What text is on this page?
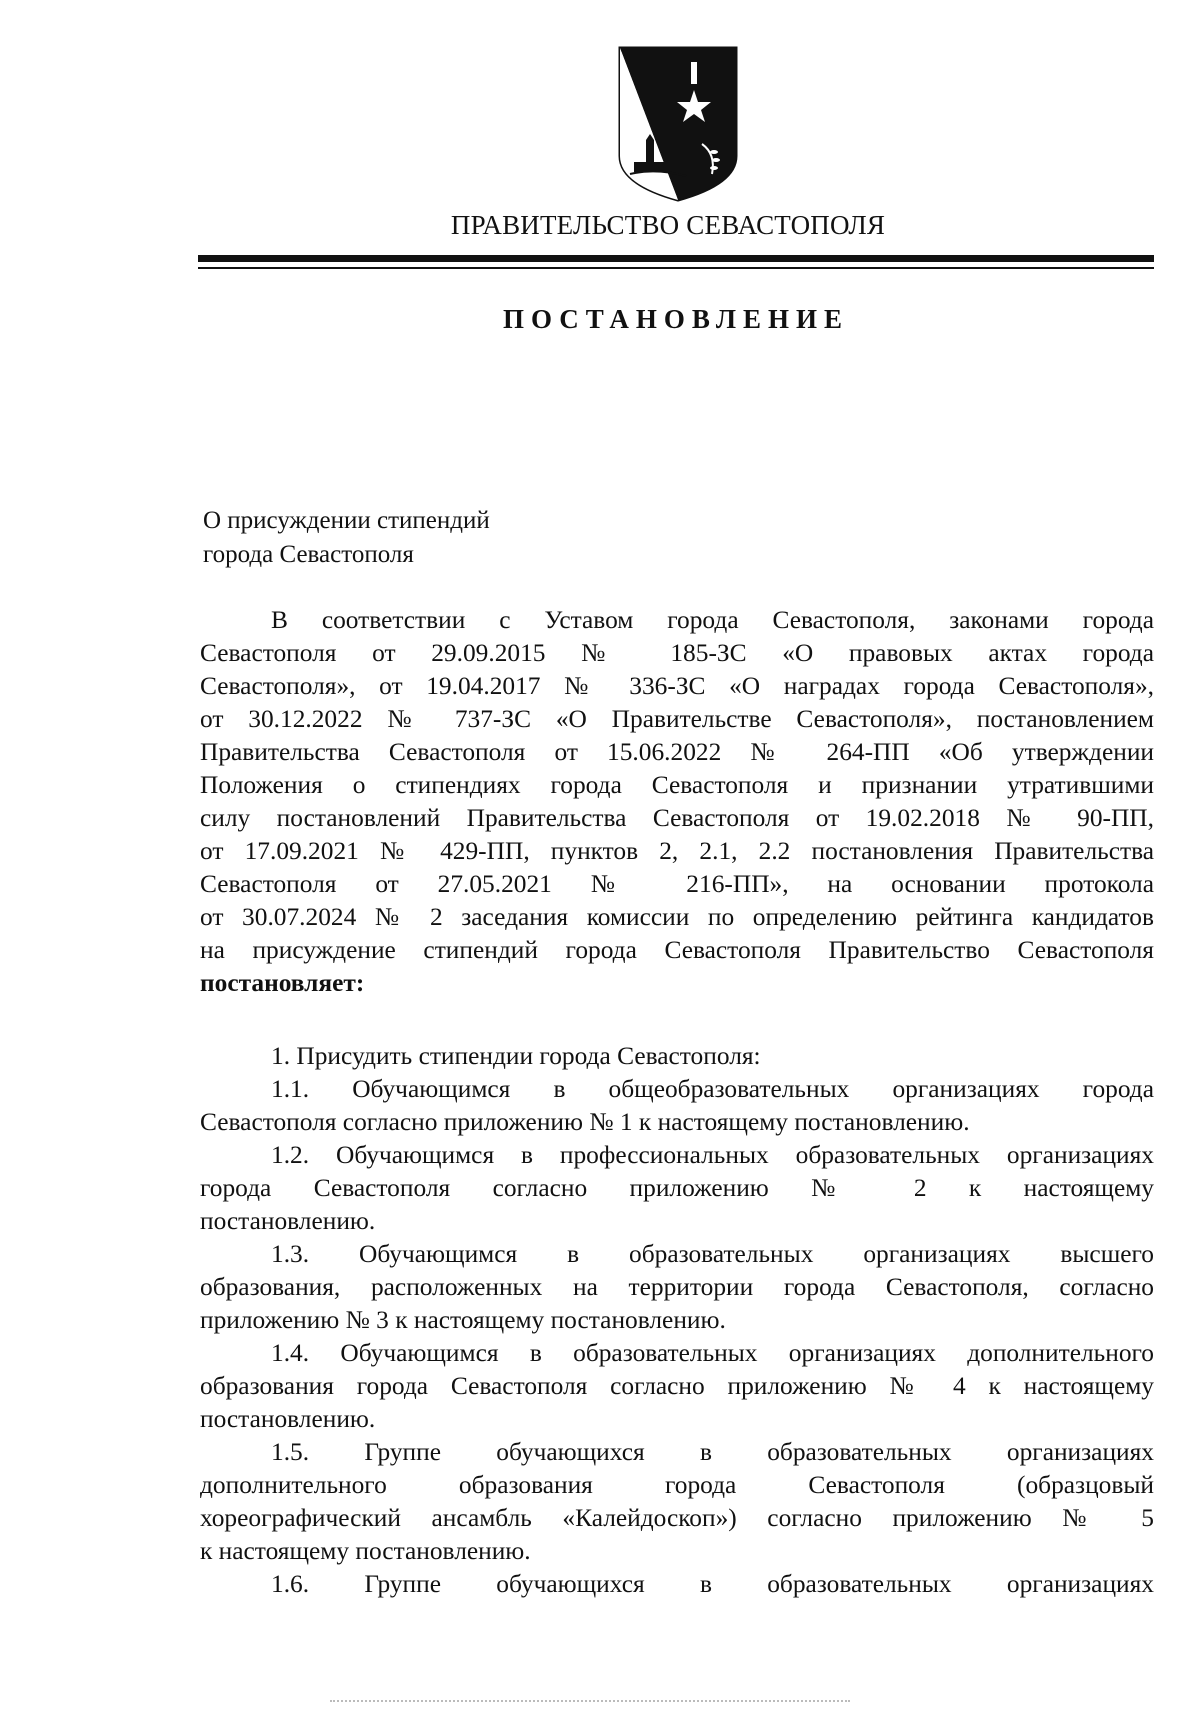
ПРАВИТЕЛЬСТВО СЕВАСТОПОЛЯ
ПОСТАНОВЛЕНИЕ
О присуждении стипендий
города Севастополя
В соответствии с Уставом города Севастополя, законами города
Севастополя от 29.09.2015 № 185-ЗС «О правовых актах города
Севастополя», от 19.04.2017 № 336-ЗС «О наградах города Севастополя»,
от 30.12.2022 № 737-ЗС «О Правительстве Севастополя», постановлением
Правительства Севастополя от 15.06.2022 № 264-ПП «Об утверждении
Положения о стипендиях города Севастополя и признании утратившими
силу постановлений Правительства Севастополя от 19.02.2018 № 90-ПП,
от 17.09.2021 № 429-ПП, пунктов 2, 2.1, 2.2 постановления Правительства
Севастополя от 27.05.2021 № 216-ПП», на основании протокола
от 30.07.2024 № 2 заседания комиссии по определению рейтинга кандидатов
на присуждение стипендий города Севастополя Правительство Севастополя
постановляет:
1. Присудить стипендии города Севастополя:
1.1. Обучающимся в общеобразовательных организациях города
Севастополя согласно приложению № 1 к настоящему постановлению.
1.2. Обучающимся в профессиональных образовательных организациях
города Севастополя согласно приложению № 2 к настоящему
постановлению.
1.3. Обучающимся в образовательных организациях высшего
образования, расположенных на территории города Севастополя, согласно
приложению № 3 к настоящему постановлению.
1.4. Обучающимся в образовательных организациях дополнительного
образования города Севастополя согласно приложению № 4 к настоящему
постановлению.
1.5. Группе обучающихся в образовательных организациях
дополнительного образования города Севастополя (образцовый
хореографический ансамбль «Калейдоскоп») согласно приложению № 5
к настоящему постановлению.
1.6. Группе обучающихся в образовательных организациях
